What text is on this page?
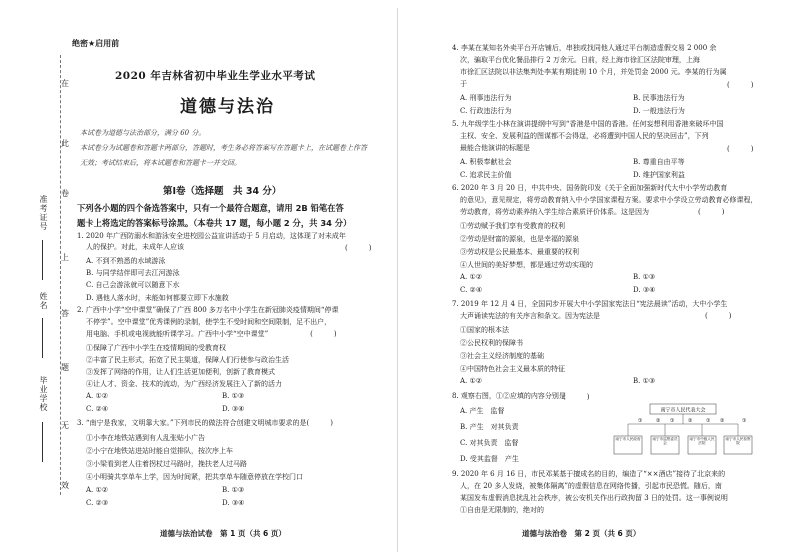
绝密★启用前
在
此
卷
上
答
题
无
效
准考证号
姓名
毕业学校
2020 年吉林省初中毕业生学业水平考试
道德与法治
本试卷为道德与法治部分，满分 60 分。
本试卷分为试题卷和答题卡两部分，答题时，考生务必将答案写在答题卡上，在试题卷上作答
无效；考试结束后，将本试题卷和答题卡一并交回。
第Ⅰ卷（选择题　共 34 分）
下列各小题的四个备选答案中，只有一个最符合题意，请用 2B 铅笔在答
题卡上将选定的答案标号涂黑。（本卷共 17 题，每小题 2 分，共 34 分）
1. 2020 年广西防溺水和游泳安全进校园公益宣讲活动于 5 月启动，这体现了对未成年
人的保护。对此，未成年人应该	(　　　)
A. 不到不熟悉的水域游泳
B. 与同学结伴即可去江河游泳
C. 自己会游泳就可以随意下水
D. 遇他人落水时，未能如何都要立即下水施救
2. 广西中小学“空中课堂”确保了广西 800 多万名中小学生在新冠肺炎疫情期间“停课
不停学”。空中课堂”优秀课例的录制，使学生不受时间和空间限制，足不出户，
用电脑、手机或电视就能听课学习。广西中小学“空中课堂”　　　　　　(　　　)
①保障了广西中小学生在疫情期间的受教育权
②丰富了民主形式，拓宽了民主渠道，保障人们行使参与政治生活
③发挥了网络的作用，让人们生活更加便利，创新了教育模式
④让人才、资金、技术的流动，为广西经济发展注入了新的活力
A. ①②	B. ①③
C. ②④	D. ③④
3. “南宁是我家，文明靠大家。”下列市民的做法符合创建文明城市要求的是(　　　)
①小李在地铁站遇到有人乱张贴小广告
②小宁在地铁站进站时能自觉排队，按次序上车
③小梁看到老人往着拐杖过马路时，挽扶老人过马路
④小明骑共享单车上学，因为时间紧，把共享单车随意停放在学校门口
A. ①②	B. ①③
C. ②③	D. ③④
道德与法治试卷　第 1 页（共 6 页）
4. 李某在某知名外卖平台开店铺后，串独或找同他人通过平台制造虚假交易 2 000 余
次，骗取平台优化餐品排行 2 万余元。日前，经上海市徐汇区法院审理，上海
市徐汇区法院以非法集判处李某有期徒刑 10 个月，并处罚金 2000 元。李某的行为属
于	(　　　)
A. 刑事违法行为	B. 民事违法行为
C. 行政违法行为	D. 一般违法行为
5. 九年级学生小林在演讲提纲中写到“香港是中国的香港。任何妄想利用香港来破坏中国
主权、安全、发展利益的图谋都不会得逞，必将遭到中国人民的坚决回击”，下列
最能合他演讲的标题是	(　　　)
A. 积极奉献社会	B. 尊重自由平等
C. 追求民主价值	D. 维护国家利益
6. 2020 年 3 月 20 日，中共中央、国务院印发《关于全面加强新时代大中小学劳动教育
的意见》，意见规定，将劳动教育纳入中小学国家课程方案。要求中小学设立劳动教育必修课程，
劳动教育，将劳动素养纳入学生综合素质评价体系。这是因为　　　　　　　(　　　)
①劳动赋予我们享有受教育的权利
②劳动是财富的源泉，也是幸福的源泉
③劳动权是公民最基本、最重要的权利
④人世间的美好梦想，都是通过劳动实现的
A. ①②	B. ①③
C. ②④	D. ③④
7. 2019 年 12 月 4 日，全国同步开展大中小学国家宪法日“宪法晨读”活动，大中小学生
大声诵读宪法的有关序言和条文。因为宪法是　　　　　　　　　　　　　　　(　　　)
①国家的根本法
②公民权利的保障书
③社会主义经济制度的基础
④中国特色社会主义最本质的特征
A. ①②	B. ①③
8. 观察右图，①②应填的内容分别是
(　　　)
A. 产生　监督
B. 产生　对其负责
C. 对其负责　监督
D. 受其监督　产生
9. 2020 年 6 月 16 日，市民邓某基于擅成名的目的，编造了“××酒店”接待了北京来的
人，在 20 多人发烧，被集体隔离”的虚假信息在网络传播，引起市民恐慌。随后，南
某国发布虚假消息扰乱社会秩序，被公安机关作出行政拘留 3 日的处罚。这一事例说明
①自由是无限制的，绝对的
道德与法治卷　第 2 页（共 6 页）
南宁市人民代表大会
①	② ①	②	① ②	①
南宁市人民政府	南宁市监察委员会
南宁市中级人民法院
南宁市人民检察院
